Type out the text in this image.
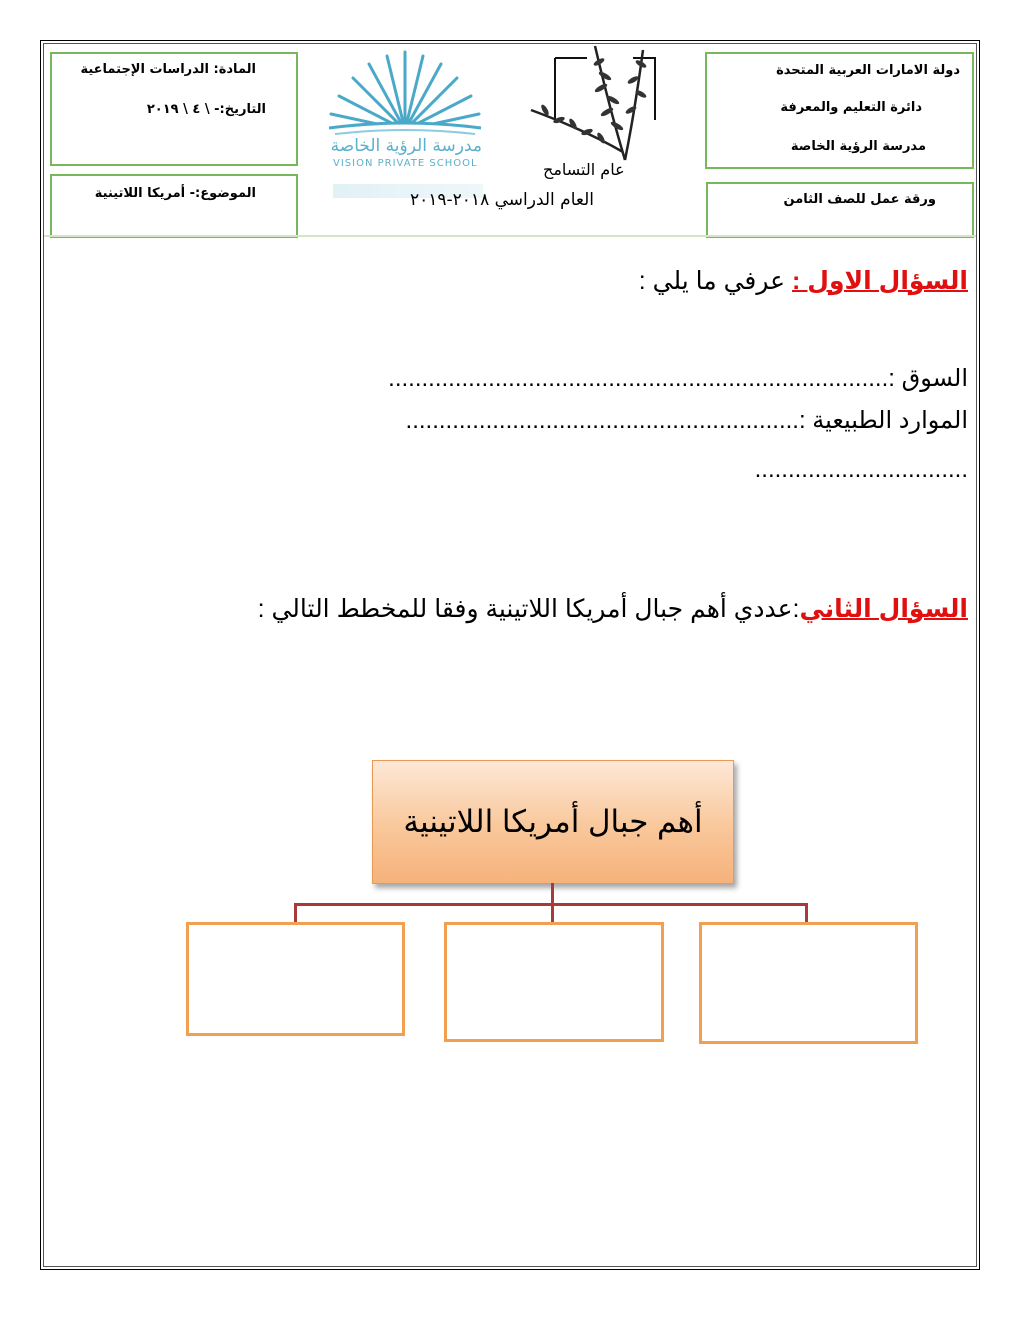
دولة الامارات العربية المتحدة
دائرة التعليم والمعرفة
مدرسة الرؤية الخاصة
ورقة عمل للصف الثامن
المادة: الدراسات الإجتماعية
التاريخ:- \ ٤ \ ٢٠١٩
الموضوع:- أمريكا اللاتينية
مدرسة الرؤية الخاصة
VISION PRIVATE SCHOOL	عام التسامح
العام الدراسي ٢٠١٨-٢٠١٩
السؤال الاول : عرفي ما يلي :
السوق :...........................................................................
الموارد الطبيعية :...........................................................
................................
السؤال الثاني:عددي أهم جبال أمريكا اللاتينية وفقا للمخطط التالي :
أهم جبال أمريكا اللاتينية
